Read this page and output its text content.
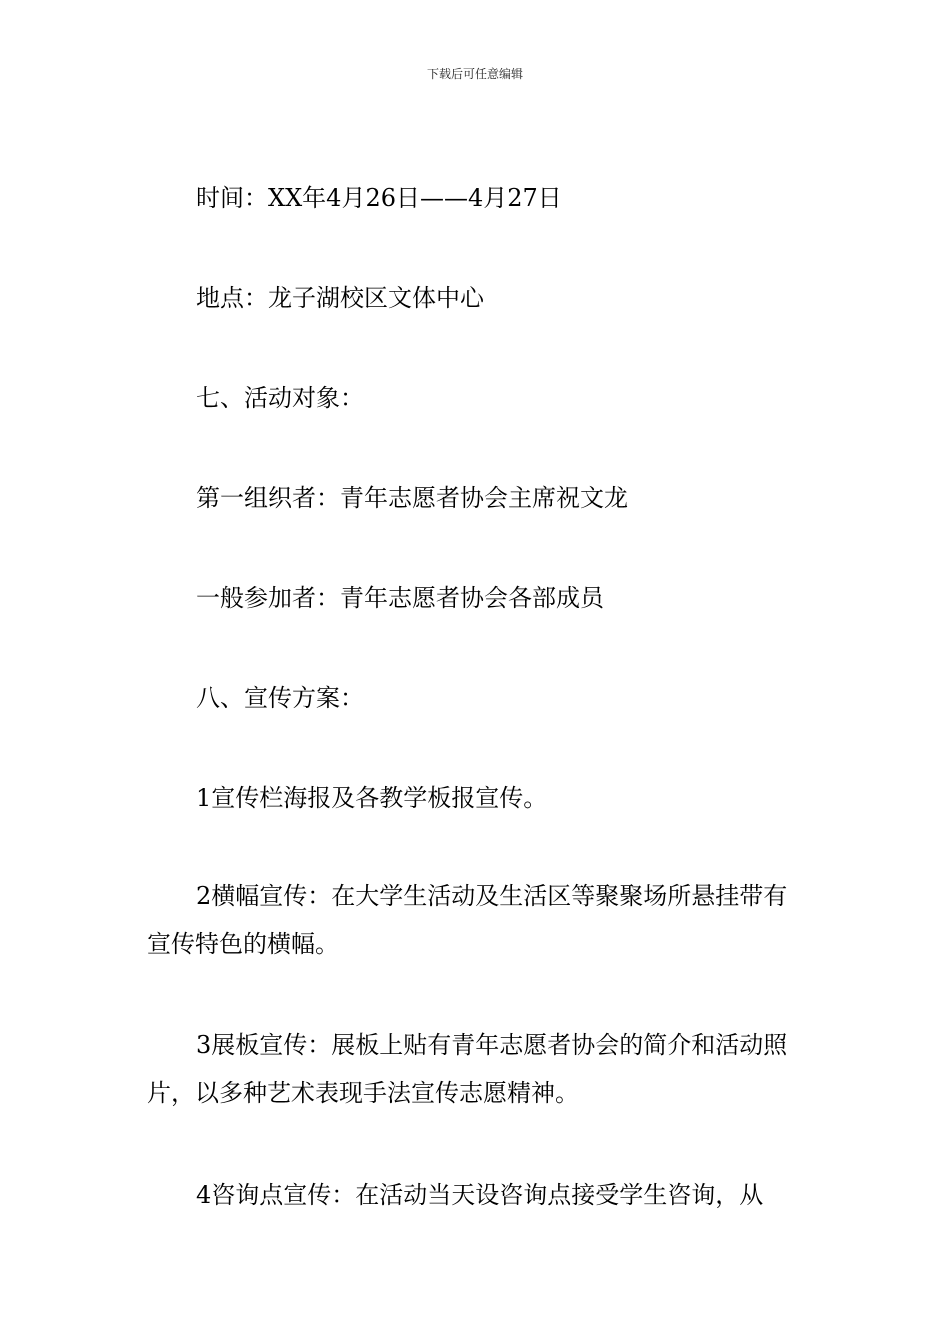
下载后可任意编辑

时间：XX年4月26日——4月27日

地点：龙子湖校区文体中心

七、活动对象：

第一组织者：青年志愿者协会主席祝文龙

一般参加者：青年志愿者协会各部成员

八、宣传方案：

1宣传栏海报及各教学板报宣传。

2横幅宣传：在大学生活动及生活区等聚聚场所悬挂带有宣传特色的横幅。

3展板宣传：展板上贴有青年志愿者协会的简介和活动照片，以多种艺术表现手法宣传志愿精神。

4咨询点宣传：在活动当天设咨询点接受学生咨询，从
